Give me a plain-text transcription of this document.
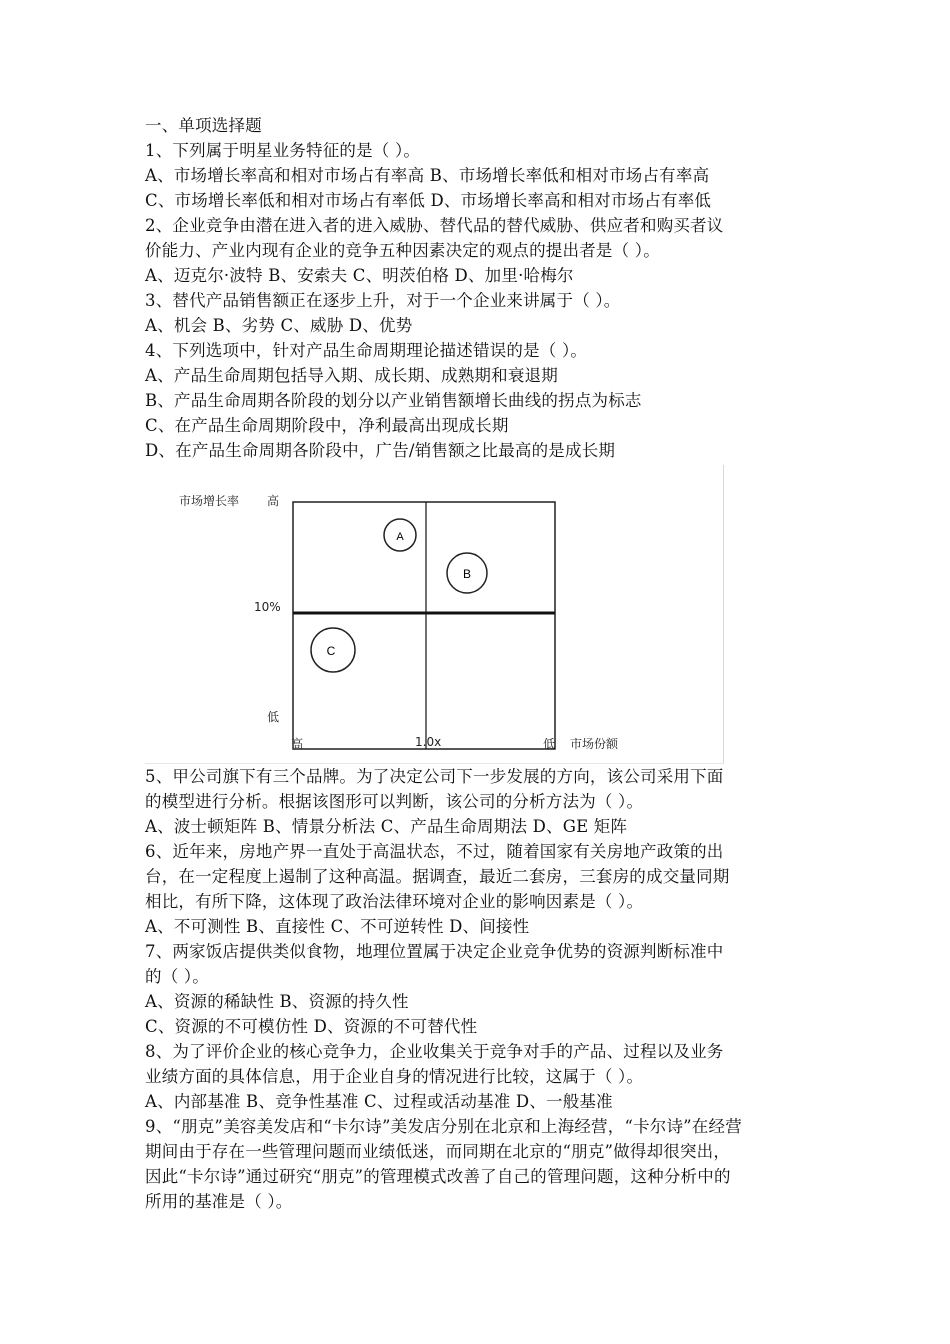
一、单项选择题
1、下列属于明星业务特征的是（ ）。
A、市场增长率高和相对市场占有率高 B、市场增长率低和相对市场占有率高
C、市场增长率低和相对市场占有率低 D、市场增长率高和相对市场占有率低
2、企业竞争由潜在进入者的进入威胁、替代品的替代威胁、供应者和购买者议
价能力、产业内现有企业的竞争五种因素决定的观点的提出者是（ ）。
A、迈克尔·波特 B、安索夫 C、明茨伯格 D、加里·哈梅尔
3、替代产品销售额正在逐步上升，对于一个企业来讲属于（ ）。
A、机会 B、劣势 C、威胁 D、优势
4、下列选项中，针对产品生命周期理论描述错误的是（ ）。
A、产品生命周期包括导入期、成长期、成熟期和衰退期
B、产品生命周期各阶段的划分以产业销售额增长曲线的拐点为标志
C、在产品生命周期阶段中，净利最高出现成长期
D、在产品生命周期各阶段中，广告/销售额之比最高的是成长期
A
B
C
市场增长率 高
10%
低
高	1.0x	低 市场份额
5、甲公司旗下有三个品牌。为了决定公司下一步发展的方向，该公司采用下面
的模型进行分析。根据该图形可以判断，该公司的分析方法为（ ）。
A、波士顿矩阵 B、情景分析法 C、产品生命周期法 D、GE 矩阵
6、近年来，房地产界一直处于高温状态，不过，随着国家有关房地产政策的出
台，在一定程度上遏制了这种高温。据调查，最近二套房，三套房的成交量同期
相比，有所下降，这体现了政治法律环境对企业的影响因素是（ ）。
A、不可测性 B、直接性 C、不可逆转性 D、间接性
7、两家饭店提供类似食物，地理位置属于决定企业竞争优势的资源判断标准中
的（ ）。
A、资源的稀缺性 B、资源的持久性
C、资源的不可模仿性 D、资源的不可替代性
8、为了评价企业的核心竞争力，企业收集关于竞争对手的产品、过程以及业务
业绩方面的具体信息，用于企业自身的情况进行比较，这属于（ ）。
A、内部基准 B、竞争性基准 C、过程或活动基准 D、一般基准
9、“朋克”美容美发店和“卡尔诗”美发店分别在北京和上海经营，“卡尔诗”在经营
期间由于存在一些管理问题而业绩低迷，而同期在北京的“朋克”做得却很突出，
因此“卡尔诗”通过研究“朋克”的管理模式改善了自己的管理问题，这种分析中的
所用的基准是（ ）。
